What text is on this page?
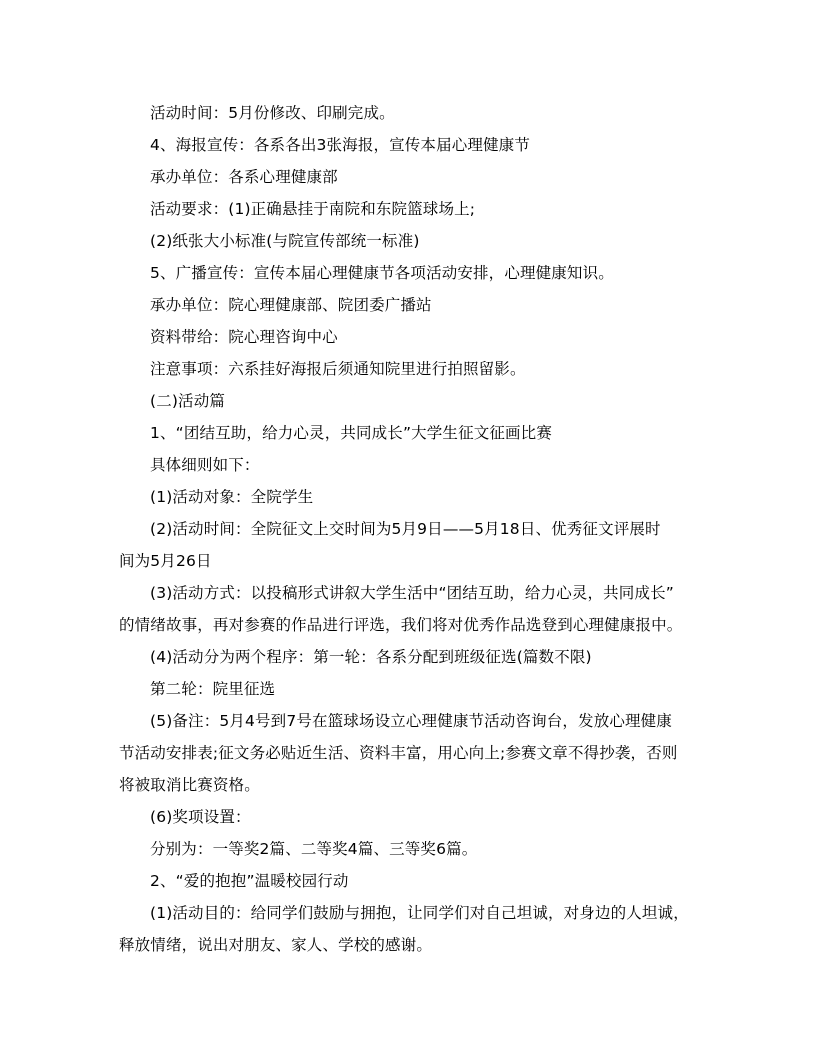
活动时间：5月份修改、印刷完成。

4、海报宣传：各系各出3张海报，宣传本届心理健康节

承办单位：各系心理健康部

活动要求：(1)正确悬挂于南院和东院篮球场上;

(2)纸张大小标准(与院宣传部统一标准)

5、广播宣传：宣传本届心理健康节各项活动安排，心理健康知识。

承办单位：院心理健康部、院团委广播站

资料带给：院心理咨询中心

注意事项：六系挂好海报后须通知院里进行拍照留影。

(二)活动篇

1、“团结互助，给力心灵，共同成长”大学生征文征画比赛

具体细则如下：

(1)活动对象：全院学生

(2)活动时间：全院征文上交时间为5月9日——5月18日、优秀征文评展时

间为5月26日

(3)活动方式：以投稿形式讲叙大学生活中“团结互助，给力心灵，共同成长”

的情绪故事，再对参赛的作品进行评选，我们将对优秀作品选登到心理健康报中。

(4)活动分为两个程序：第一轮：各系分配到班级征选(篇数不限)

第二轮：院里征选

(5)备注：5月4号到7号在篮球场设立心理健康节活动咨询台，发放心理健康

节活动安排表;征文务必贴近生活、资料丰富，用心向上;参赛文章不得抄袭，否则

将被取消比赛资格。

(6)奖项设置：

分别为：一等奖2篇、二等奖4篇、三等奖6篇。

2、“爱的抱抱”温暖校园行动

(1)活动目的：给同学们鼓励与拥抱，让同学们对自己坦诚，对身边的人坦诚，

释放情绪，说出对朋友、家人、学校的感谢。
